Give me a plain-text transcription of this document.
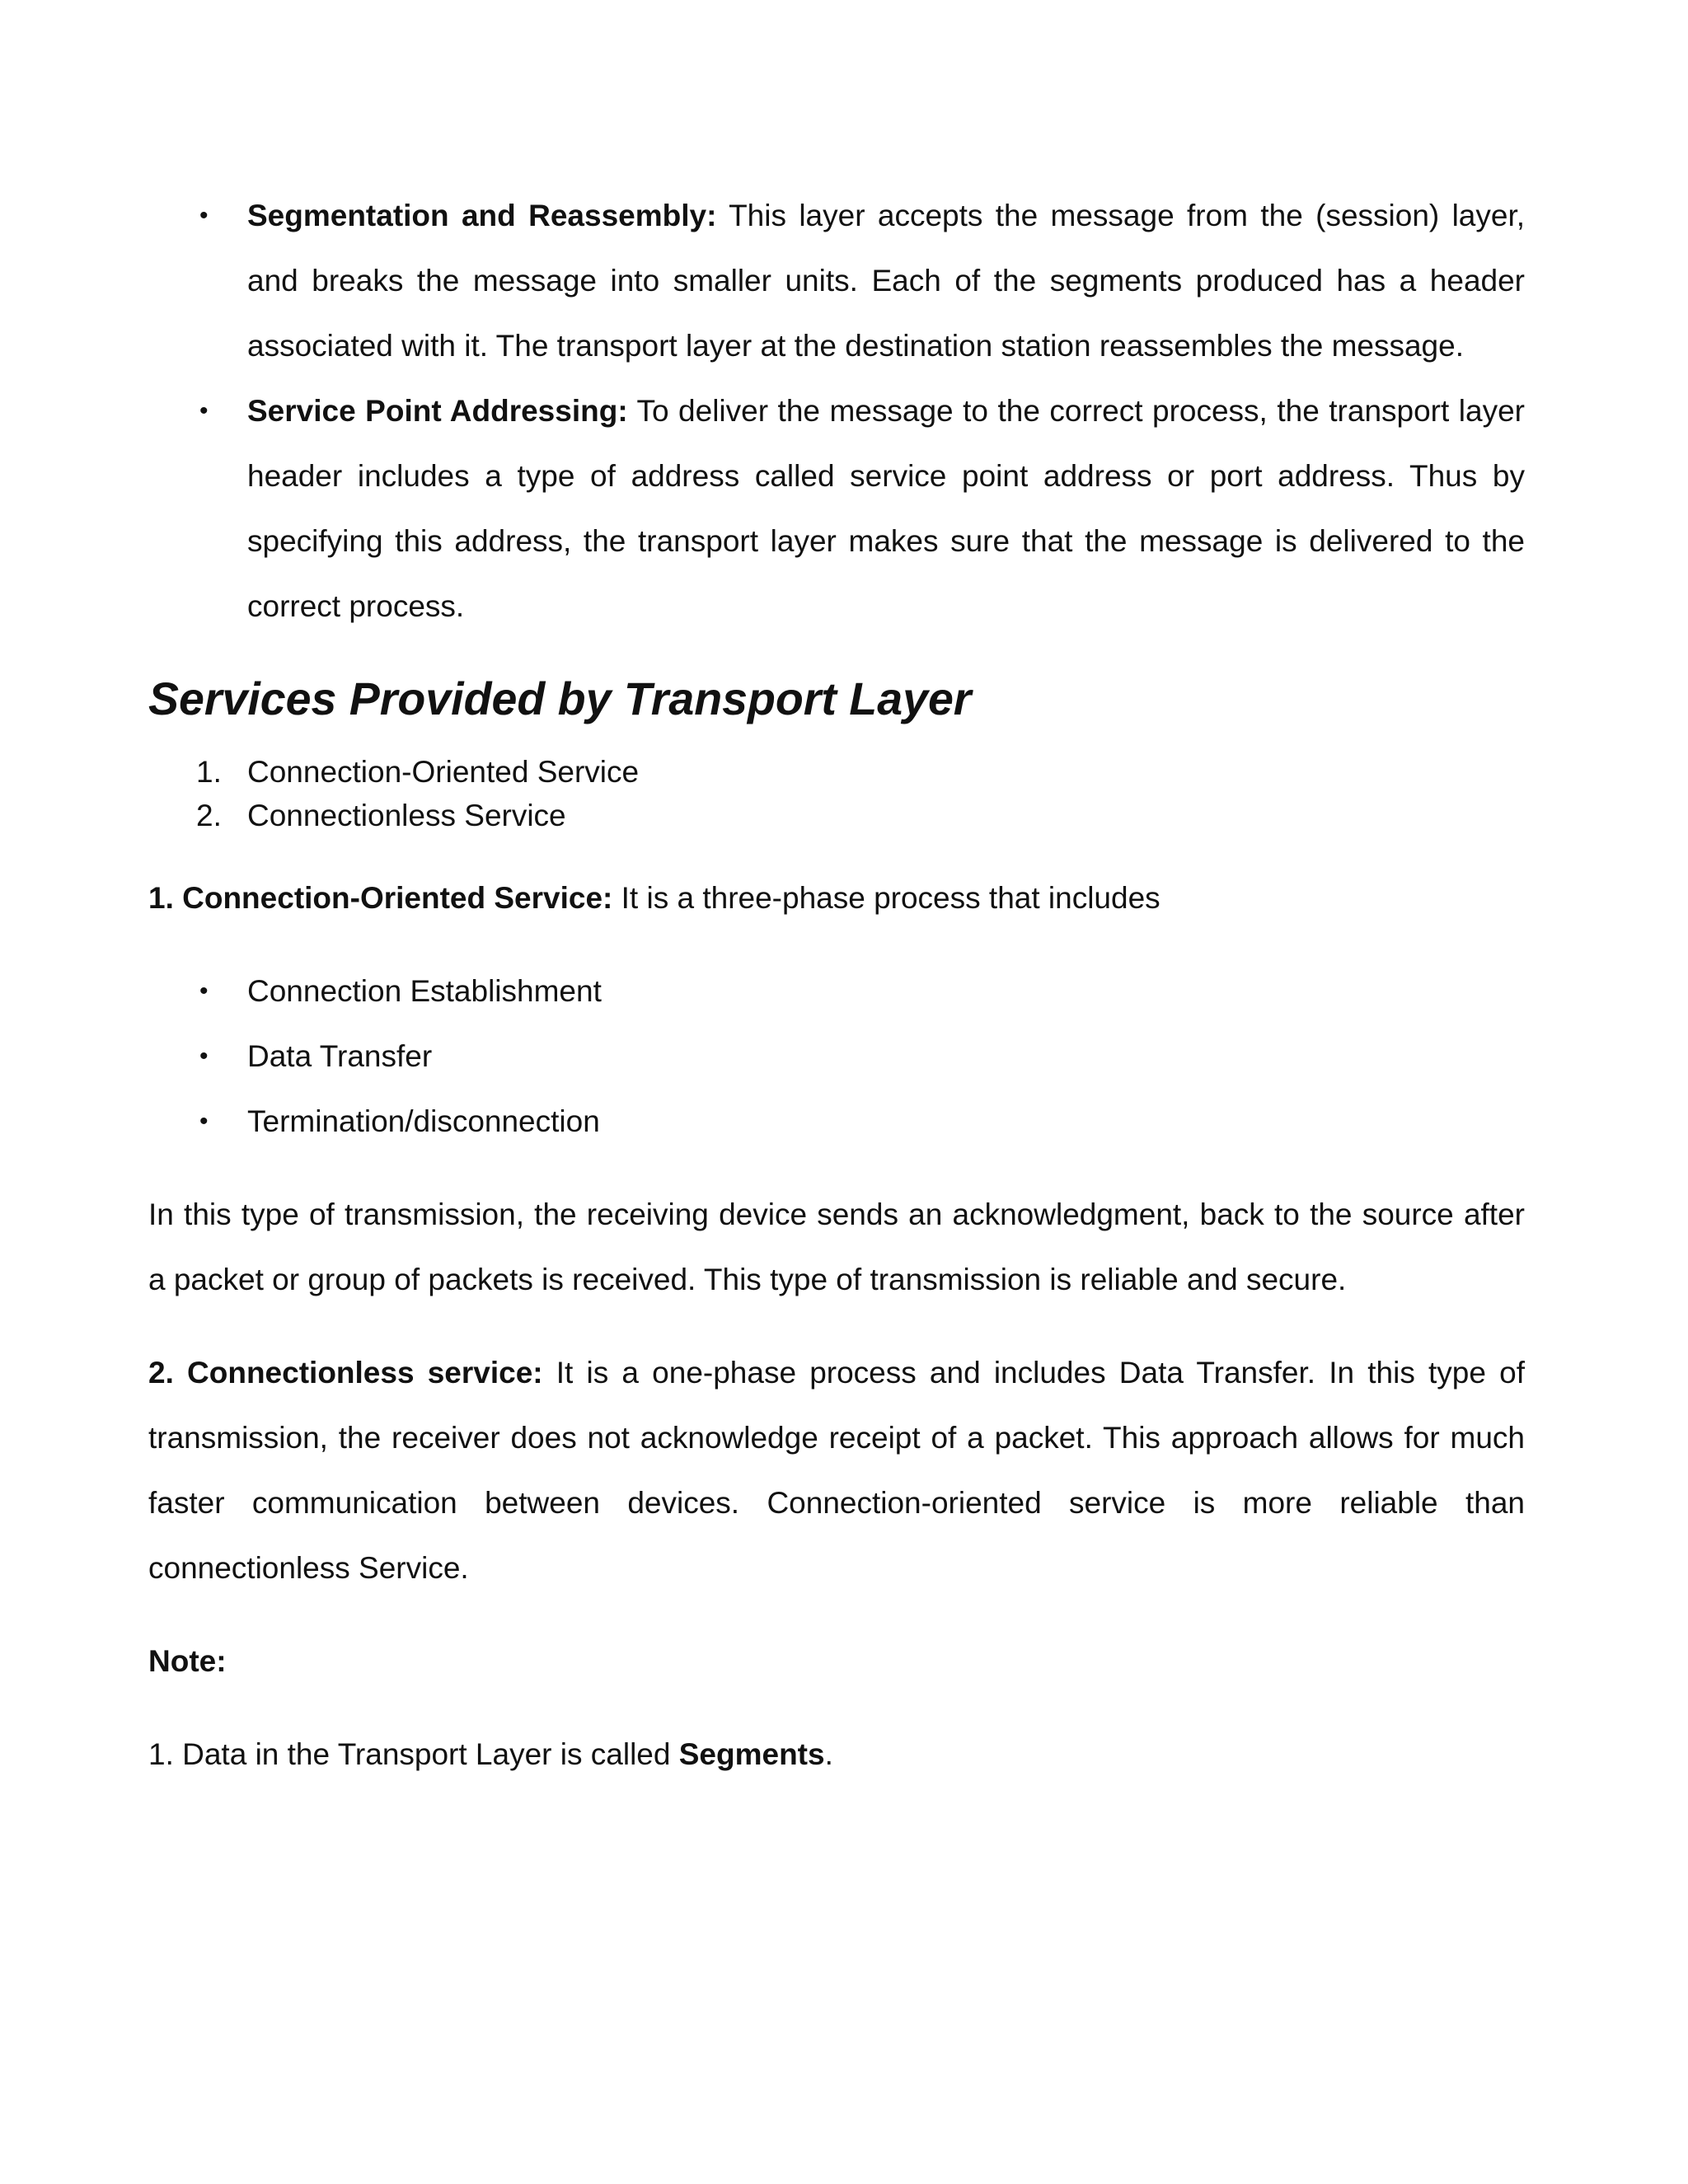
• Segmentation and Reassembly: This layer accepts the message from the (session) layer, and breaks the message into smaller units. Each of the segments produced has a header associated with it. The transport layer at the destination station reassembles the message.
• Service Point Addressing: To deliver the message to the correct process, the transport layer header includes a type of address called service point address or port address. Thus by specifying this address, the transport layer makes sure that the message is delivered to the correct process.
Services Provided by Transport Layer
1. Connection-Oriented Service
2. Connectionless Service

1. Connection-Oriented Service: It is a three-phase process that includes

• Connection Establishment
• Data Transfer
• Termination/disconnection

In this type of transmission, the receiving device sends an acknowledgment, back to the source after a packet or group of packets is received. This type of transmission is reliable and secure.

2. Connectionless service: It is a one-phase process and includes Data Transfer. In this type of transmission, the receiver does not acknowledge receipt of a packet. This approach allows for much faster communication between devices. Connection-oriented service is more reliable than connectionless Service.

Note:

1. Data in the Transport Layer is called Segments.
